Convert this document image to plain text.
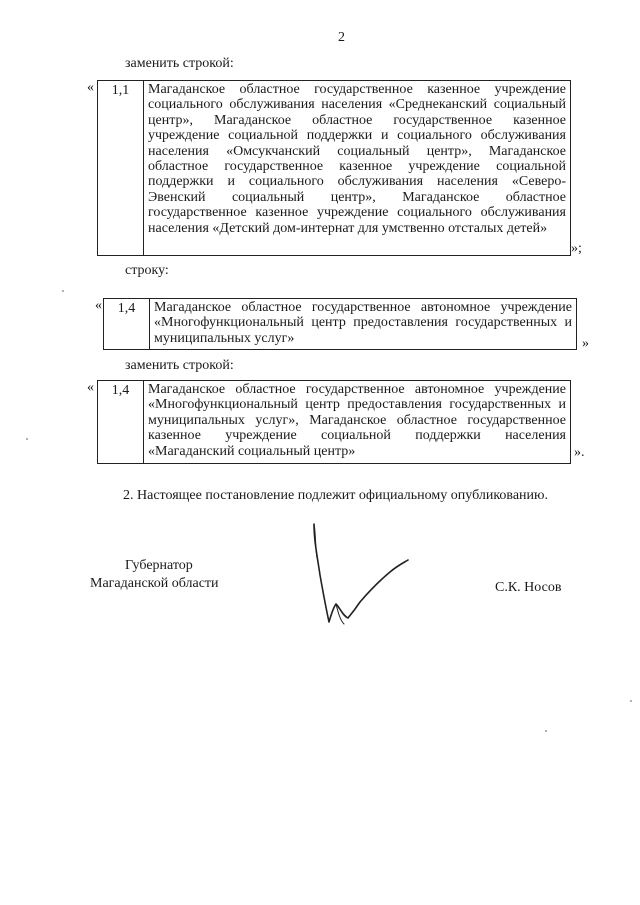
2
заменить строкой:
«	1,1	Магаданское областное государственное казенное учреждение социального обслуживания населения «Среднеканский социальный центр», Магаданское областное государственное казенное учреждение социальной поддержки и социального обслуживания населения «Омсукчанский социальный центр», Магаданское областное государственное казенное учреждение социальной поддержки и социального обслуживания населения «Северо-Эвенский социальный центр», Магаданское областное государственное казенное учреждение социального обслуживания населения «Детский дом-интернат для умственно отсталых детей»
»;
строку:
«	1,4	Магаданское областное государственное автономное учреждение «Многофункциональный центр предоставления государственных и муниципальных услуг»	»
заменить строкой:
«	1,4	Магаданское областное государственное автономное учреждение «Многофункциональный центр предоставления государственных и муниципальных услуг», Магаданское областное государственное казенное учреждение социальной поддержки населения «Магаданский социальный центр»	».
2. Настоящее постановление подлежит официальному опубликованию.
Губернатор
Магаданской области	С.К. Носов
